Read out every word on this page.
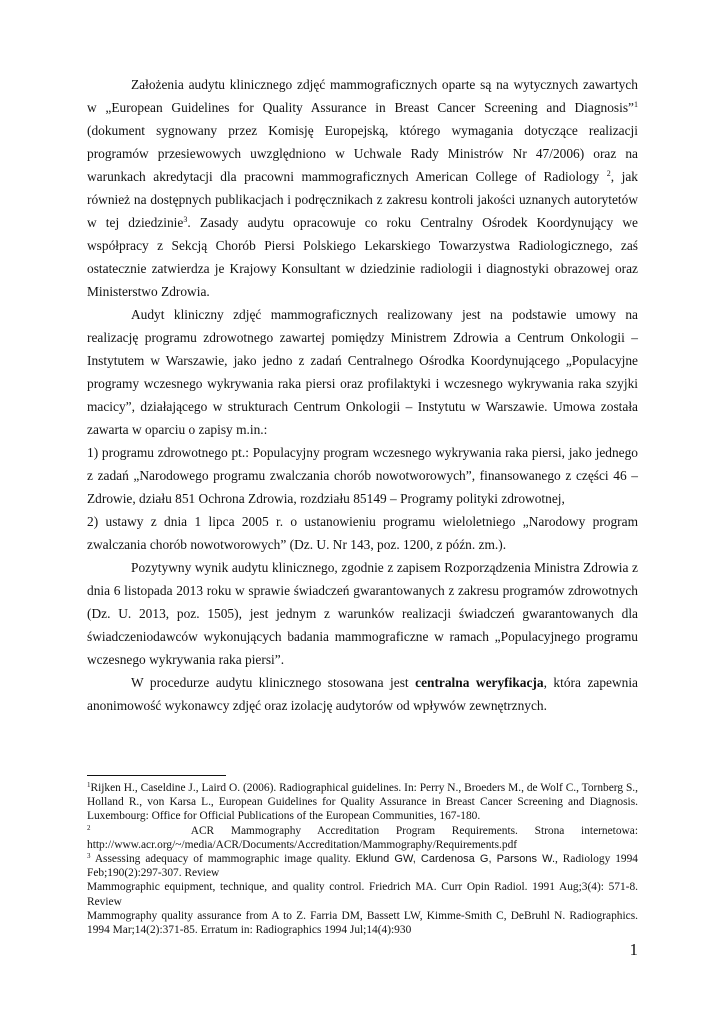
Założenia audytu klinicznego zdjęć mammograficznych oparte są na wytycznych zawartych w „European Guidelines for Quality Assurance in Breast Cancer Screening and Diagnosis”$^1$ (dokument sygnowany przez Komisję Europejską, którego wymagania dotyczące realizacji programów przesiewowych uwzględniono w Uchwale Rady Ministrów Nr 47/2006) oraz na warunkach akredytacji dla pracowni mammograficznych American College of Radiology $^2$, jak również na dostępnych publikacjach i podręcznikach z zakresu kontroli jakości uznanych autorytetów w tej dziedzinie$^3$. Zasady audytu opracowuje co roku Centralny Ośrodek Koordynujący we współpracy z Sekcją Chorób Piersi Polskiego Lekarskiego Towarzystwa Radiologicznego, zaś ostatecznie zatwierdza je Krajowy Konsultant w dziedzinie radiologii i diagnostyki obrazowej oraz Ministerstwo Zdrowia.

Audyt kliniczny zdjęć mammograficznych realizowany jest na podstawie umowy na realizację programu zdrowotnego zawartej pomiędzy Ministrem Zdrowia a Centrum Onkologii – Instytutem w Warszawie, jako jedno z zadań Centralnego Ośrodka Koordynującego „Populacyjne programy wczesnego wykrywania raka piersi oraz profilaktyki i wczesnego wykrywania raka szyjki macicy”, działającego w strukturach Centrum Onkologii – Instytutu w Warszawie. Umowa została zawarta w oparciu o zapisy m.in.:

1) programu zdrowotnego pt.: Populacyjny program wczesnego wykrywania raka piersi, jako jednego z zadań „Narodowego programu zwalczania chorób nowotworowych”, finansowanego z części 46 – Zdrowie, działu 851 Ochrona Zdrowia, rozdziału 85149 – Programy polityki zdrowotnej,

2) ustawy z dnia 1 lipca 2005 r. o ustanowieniu programu wieloletniego „Narodowy program zwalczania chorób nowotworowych” (Dz. U. Nr 143, poz. 1200, z późn. zm.).

Pozytywny wynik audytu klinicznego, zgodnie z zapisem Rozporządzenia Ministra Zdrowia z dnia 6 listopada 2013 roku w sprawie świadczeń gwarantowanych z zakresu programów zdrowotnych (Dz. U. 2013, poz. 1505), jest jednym z warunków realizacji świadczeń gwarantowanych dla świadczeniodawców wykonujących badania mammograficzne w ramach „Populacyjnego programu wczesnego wykrywania raka piersi”.

W procedurze audytu klinicznego stosowana jest centralna weryfikacja, która zapewnia anonimowość wykonawcy zdjęć oraz izolację audytorów od wpływów zewnętrznych.

$^1$Rijken H., Caseldine J., Laird O. (2006). Radiographical guidelines. In: Perry N., Broeders M., de Wolf C., Tornberg S., Holland R., von Karsa L., European Guidelines for Quality Assurance in Breast Cancer Screening and Diagnosis. Luxembourg: Office for Official Publications of the European Communities, 167-180.

$^2$	ACR Mammography Accreditation Program Requirements. Strona internetowa: http://www.acr.org/~/media/ACR/Documents/Accreditation/Mammography/Requirements.pdf

$^3$ Assessing adequacy of mammographic image quality. Eklund GW, Cardenosa G, Parsons W., Radiology 1994 Feb;190(2):297-307. Review

Mammographic equipment, technique, and quality control. Friedrich MA. Curr Opin Radiol. 1991 Aug;3(4): 571-8. Review

Mammography quality assurance from A to Z. Farria DM, Bassett LW, Kimme-Smith C, DeBruhl N. Radiographics. 1994 Mar;14(2):371-85. Erratum in: Radiographics 1994 Jul;14(4):930

1
